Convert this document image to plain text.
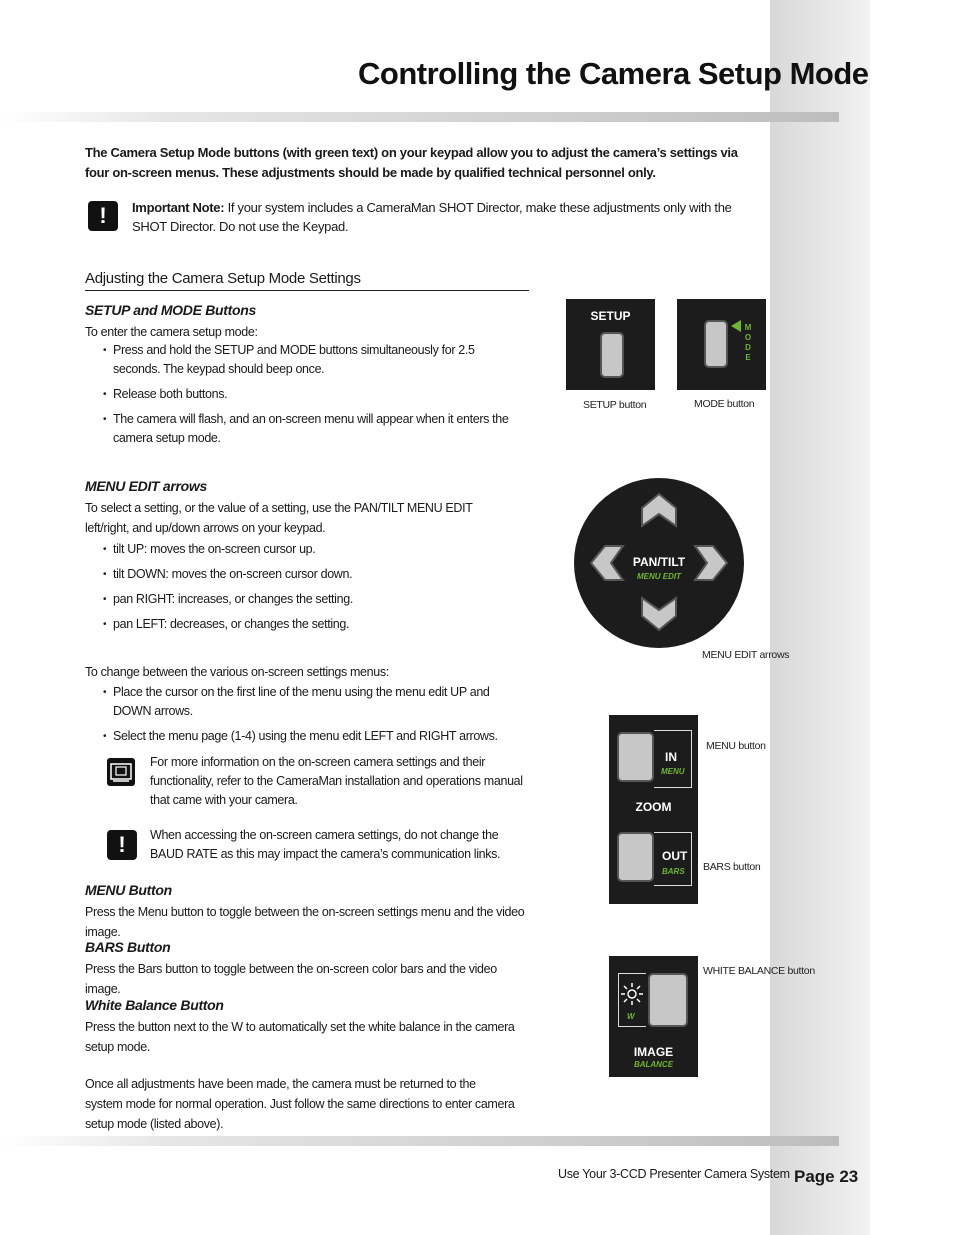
Controlling the Camera Setup Mode
The Camera Setup Mode buttons (with green text) on your keypad allow you to adjust the camera’s settings via four on-screen menus. These adjustments should be made by qualified technical personnel only.
!	Important Note: If your system includes a CameraMan SHOT Director, make these adjustments only with the SHOT Director. Do not use the Keypad.
Adjusting the Camera Setup Mode Settings
SETUP and MODE Buttons
To enter the camera setup mode:
• Press and hold the SETUP and MODE buttons simultaneously for 2.5 seconds. The keypad should beep once.
• Release both buttons.
• The camera will flash, and an on-screen menu will appear when it enters the camera setup mode.
MENU EDIT arrows
To select a setting, or the value of a setting, use the PAN/TILT MENU EDIT left/right, and up/down arrows on your keypad.
• tilt UP: moves the on-screen cursor up.
• tilt DOWN: moves the on-screen cursor down.
• pan RIGHT: increases, or changes the setting.
• pan LEFT: decreases, or changes the setting.
To change between the various on-screen settings menus:
• Place the cursor on the first line of the menu using the menu edit UP and DOWN arrows.
• Select the menu page (1-4) using the menu edit LEFT and RIGHT arrows.
For more information on the on-screen camera settings and their functionality, refer to the CameraMan installation and operations manual that came with your camera.
!	When accessing the on-screen camera settings, do not change the BAUD RATE as this may impact the camera’s communication links.
MENU Button
Press the Menu button to toggle between the on-screen settings menu and the video image.
BARS Button
Press the Bars button to toggle between the on-screen color bars and the video image.
White Balance Button
Press the button next to the W to automatically set the white balance in the camera setup mode.
Once all adjustments have been made, the camera must be returned to the system mode for normal operation. Just follow the same directions to enter camera setup mode (listed above).
SETUP
SETUP button
M
O
D
E
MODE button
PAN/TILT
MENU EDIT
MENU EDIT arrows
IN
MENU
ZOOM
OUT
BARS
MENU button
BARS button
W
IMAGE
BALANCE
WHITE BALANCE button
Use Your 3-CCD Presenter Camera System Page 23
